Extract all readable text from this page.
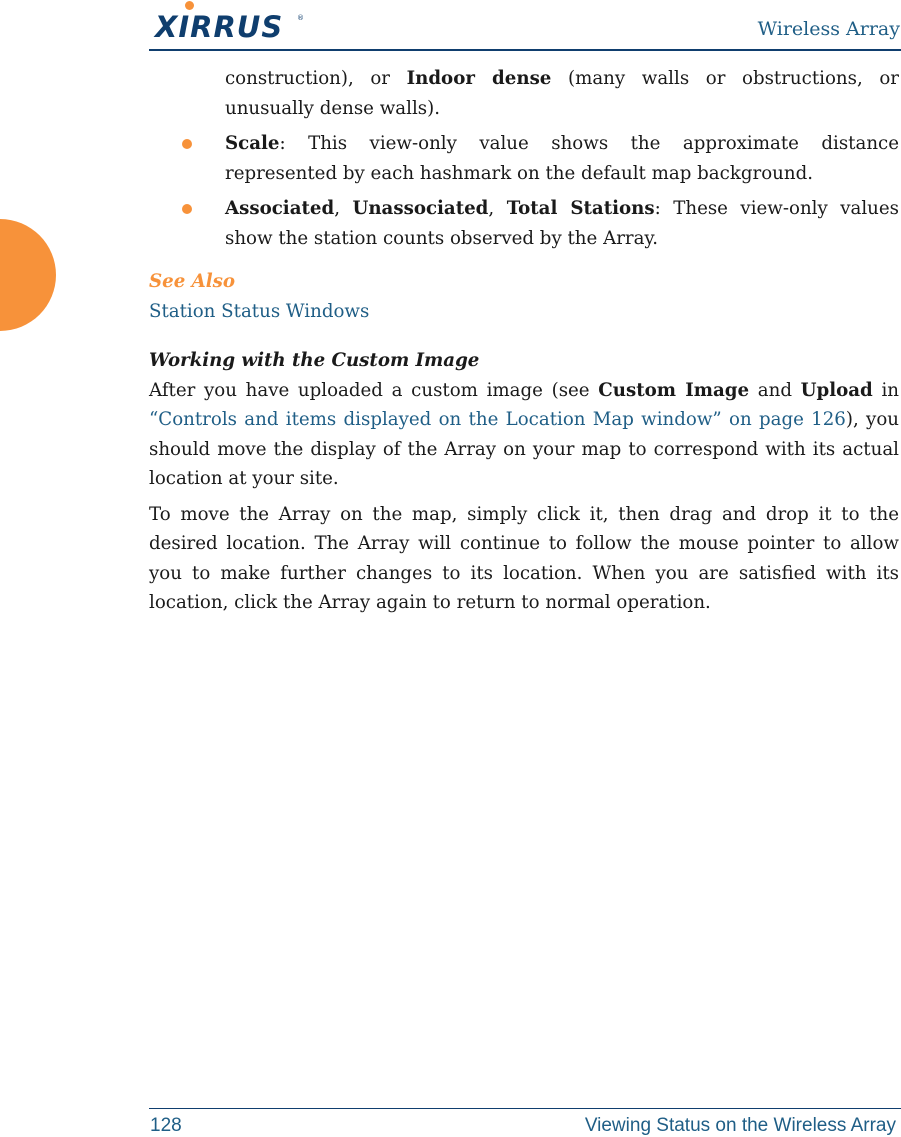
XIRRUS ®	Wireless Array

construction), or Indoor dense (many walls or obstructions, or unusually dense walls).

Scale: This view-only value shows the approximate distance represented by each hashmark on the default map background.
Associated, Unassociated, Total Stations: These view-only values show the station counts observed by the Array.
See Also
Station Status Windows
Working with the Custom Image

After you have uploaded a custom image (see Custom Image and Upload in “Controls and items displayed on the Location Map window” on page 126), you should move the display of the Array on your map to correspond with its actual location at your site.

To move the Array on the map, simply click it, then drag and drop it to the desired location. The Array will continue to follow the mouse pointer to allow you to make further changes to its location. When you are satisfied with its location, click the Array again to return to normal operation.

128	Viewing Status on the Wireless Array
